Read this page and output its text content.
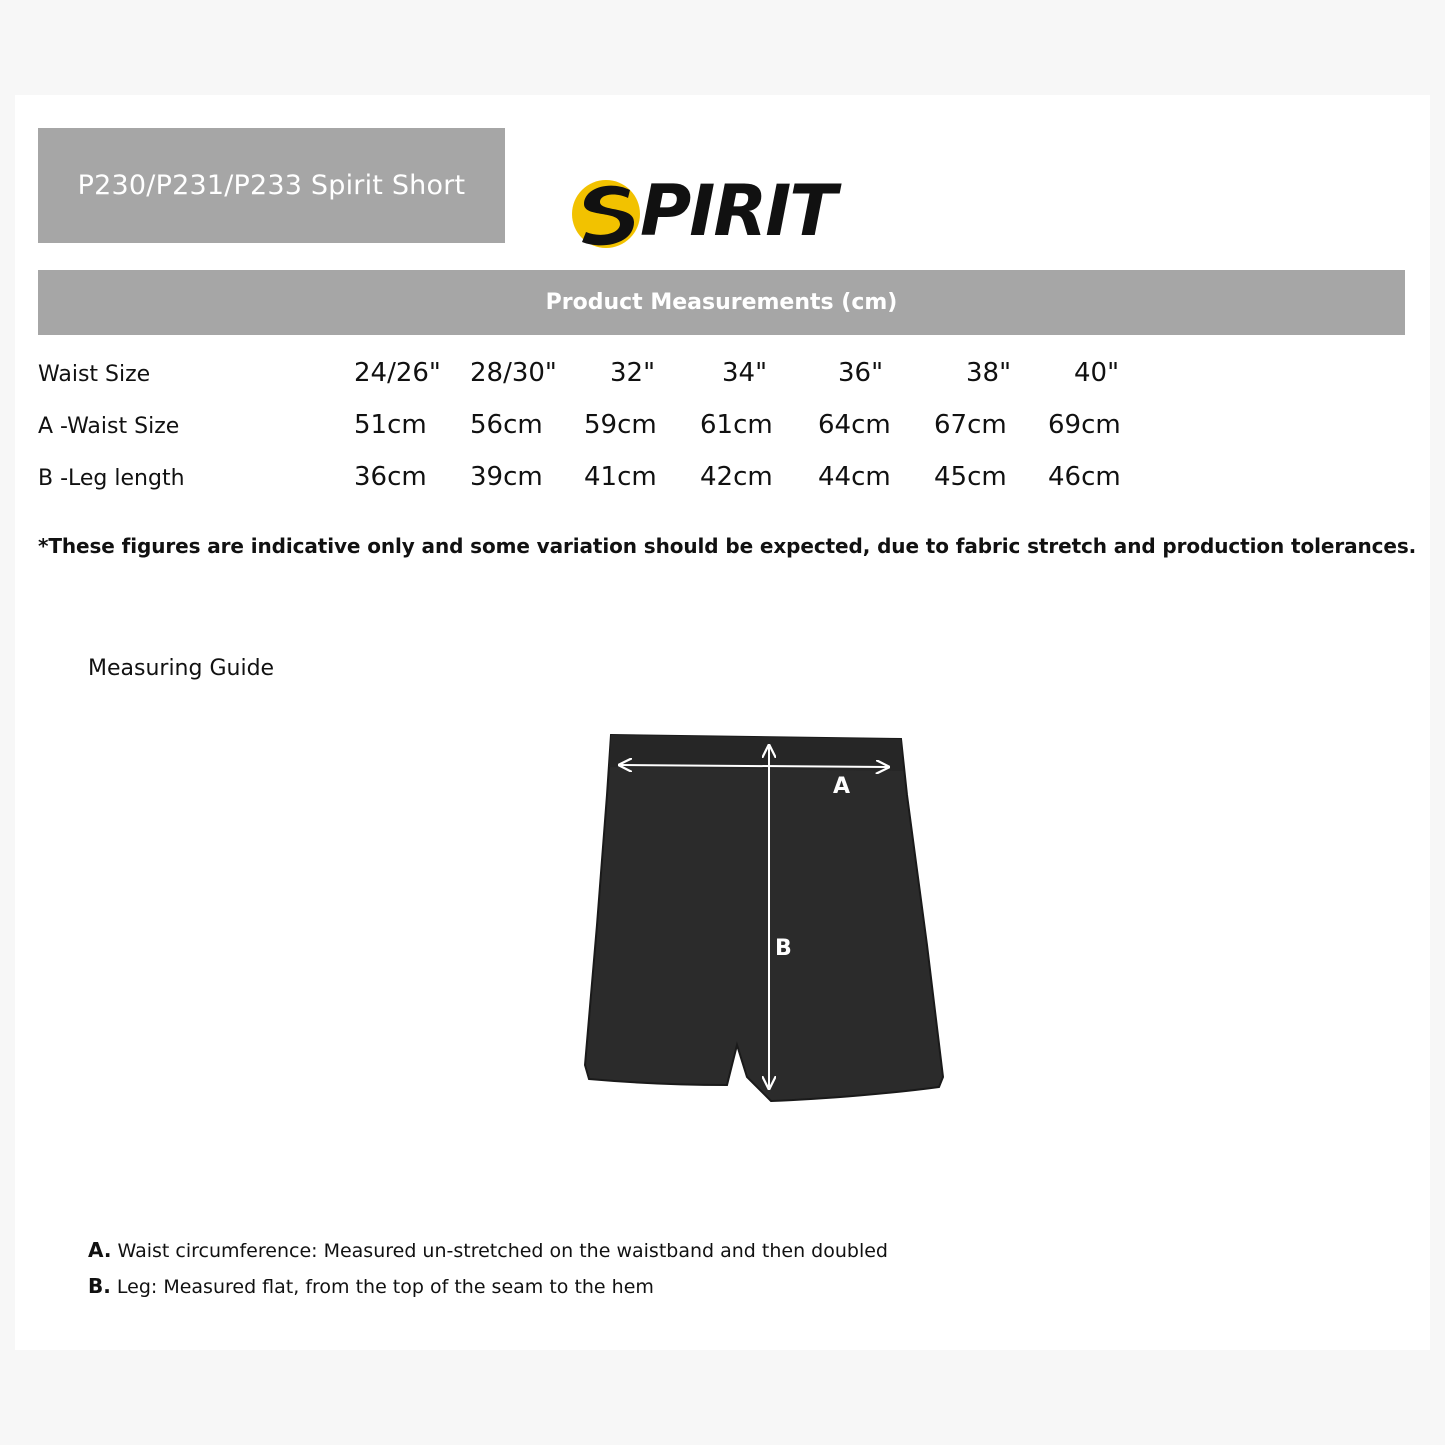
P230/P231/P233 Spirit Short PIRIT
Product Measurements (cm)
Waist Size	24/26"	28/30"	32"	34"	36"	38"	40"
A -Waist Size	51cm	56cm	59cm	61cm	64cm	67cm	69cm
B -Leg length	36cm	39cm	41cm	42cm	44cm	45cm	46cm
*These figures are indicative only and some variation should be expected, due to fabric stretch and production tolerances.
Measuring Guide
A
B
A. Waist circumference: Measured un-stretched on the waistband and then doubled
B. Leg: Measured flat, from the top of the seam to the hem
